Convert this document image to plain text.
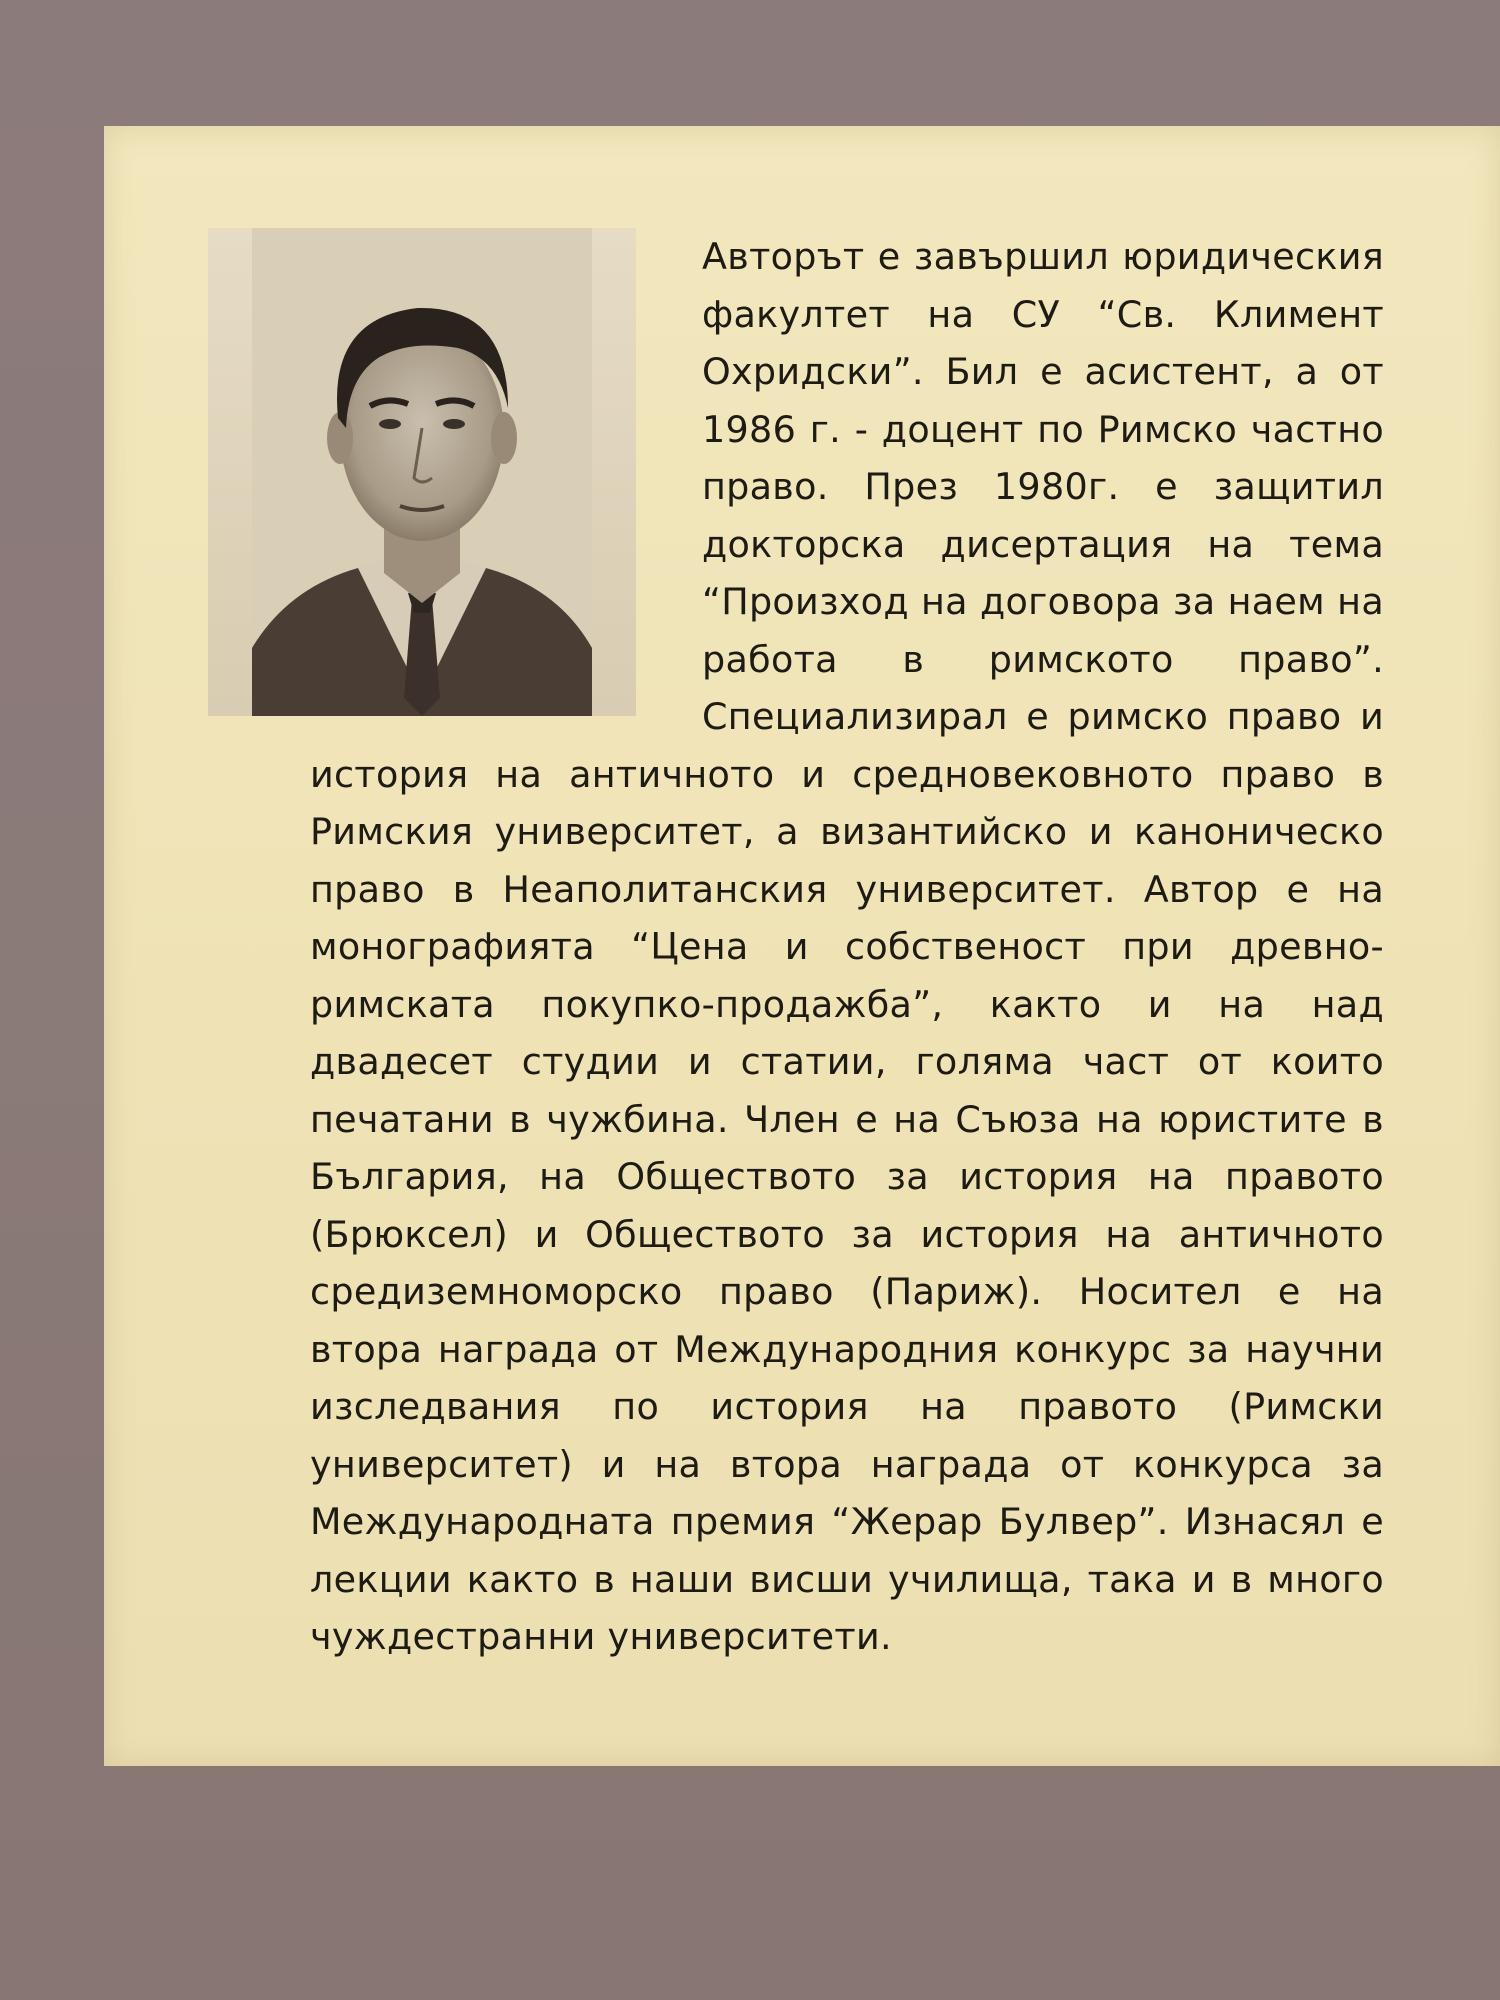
Авторът е завършил юридическия факултет на СУ “Св. Климент Охридски”. Бил е асистент, а от 1986 г. - доцент по Римско частно право. През 1980г. е защитил докторска дисертация на тема “Произход на договора за наем на работа в римското право”. Специализирал е римско право и история на античното и средновековното право в Римския университет, а византийско и каноническо право в Неаполитанския университет. Автор е на монографията “Цена и собственост при древно-римската покупко-продажба”, както и на над двадесет студии и статии, голяма част от които печатани в чужбина. Член е на Съюза на юристите в България, на Обществото за история на правото (Брюксел) и Обществото за история на античното средиземноморско право (Париж). Носител е на втора награда от Международния конкурс за научни изследвания по история на правото (Римски университет) и на втора награда от конкурса за Международната премия “Жерар Булвер”. Изнасял е лекции както в наши висши училища, така и в много чуждестранни университети.
